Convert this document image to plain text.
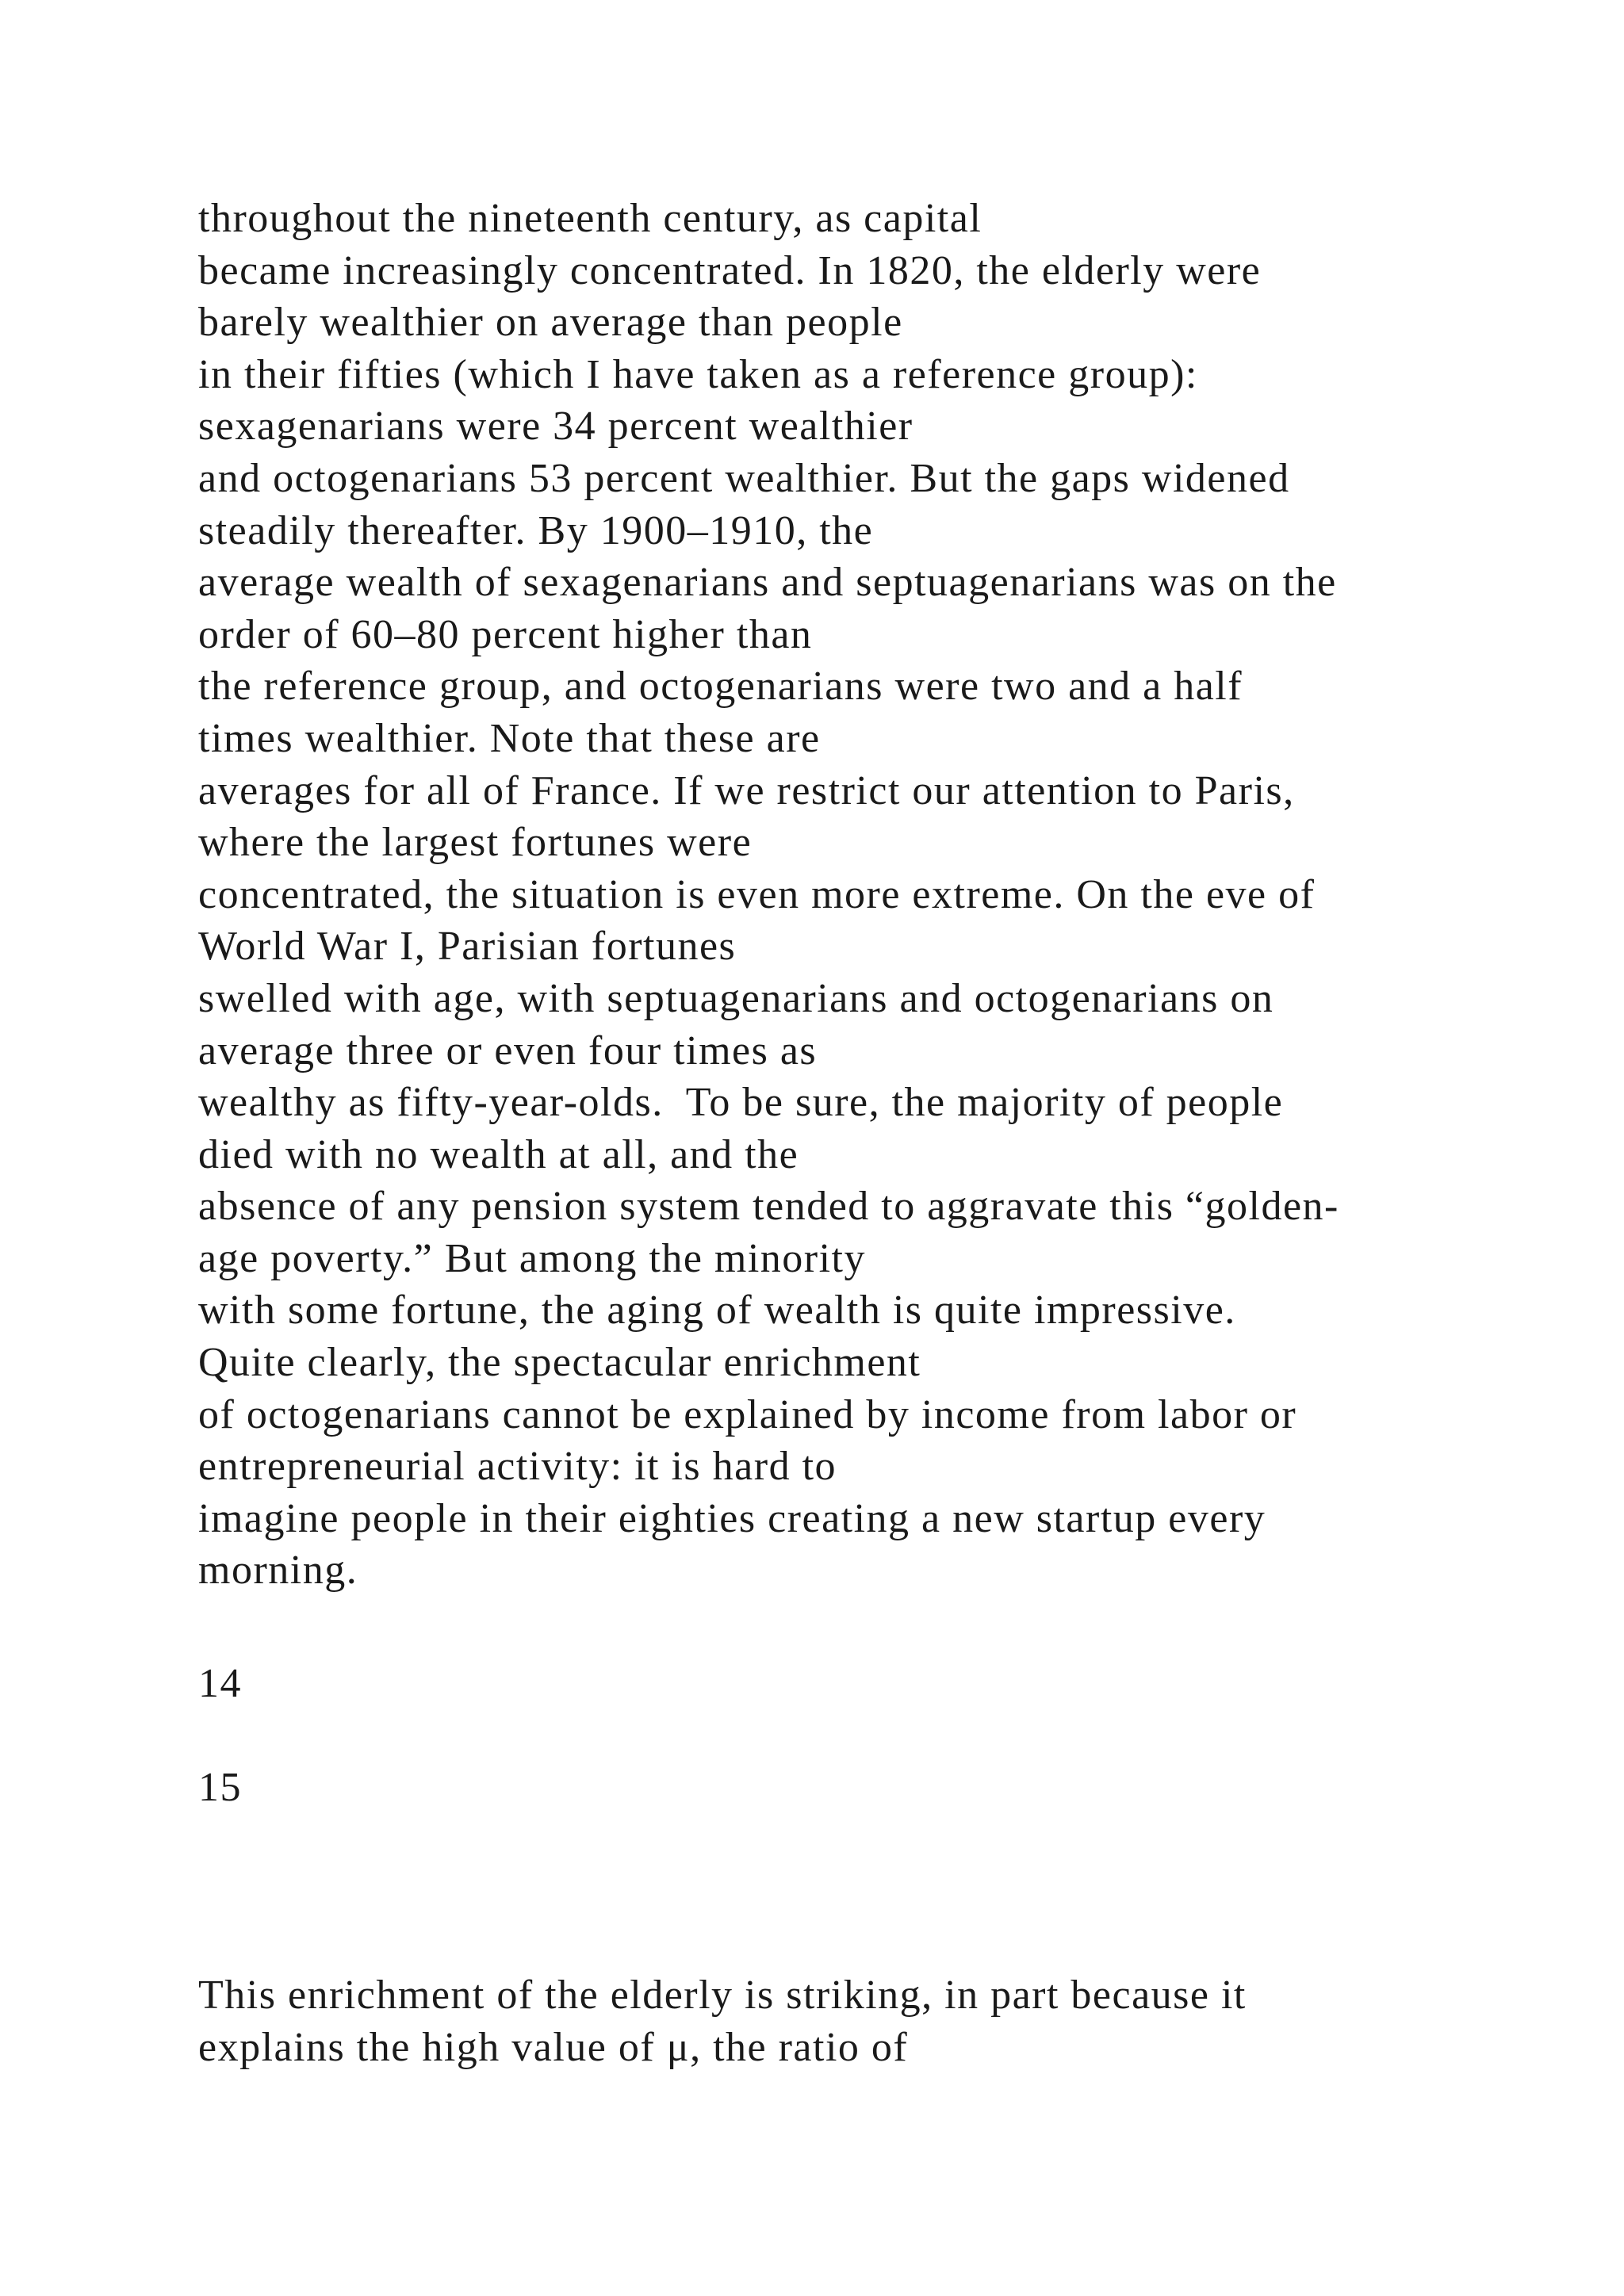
throughout the nineteenth century, as capital
became increasingly concentrated. In 1820, the elderly were
barely wealthier on average than people
in their fifties (which I have taken as a reference group):
sexagenarians were 34 percent wealthier
and octogenarians 53 percent wealthier. But the gaps widened
steadily thereafter. By 1900–1910, the
average wealth of sexagenarians and septuagenarians was on the
order of 60–80 percent higher than
the reference group, and octogenarians were two and a half
times wealthier. Note that these are
averages for all of France. If we restrict our attention to Paris,
where the largest fortunes were
concentrated, the situation is even more extreme. On the eve of
World War I, Parisian fortunes
swelled with age, with septuagenarians and octogenarians on
average three or even four times as
wealthy as fifty-year-olds.  To be sure, the majority of people
died with no wealth at all, and the
absence of any pension system tended to aggravate this “golden-
age poverty.” But among the minority
with some fortune, the aging of wealth is quite impressive.
Quite clearly, the spectacular enrichment
of octogenarians cannot be explained by income from labor or
entrepreneurial activity: it is hard to
imagine people in their eighties creating a new startup every
morning.
14
15
This enrichment of the elderly is striking, in part because it
explains the high value of μ, the ratio of
